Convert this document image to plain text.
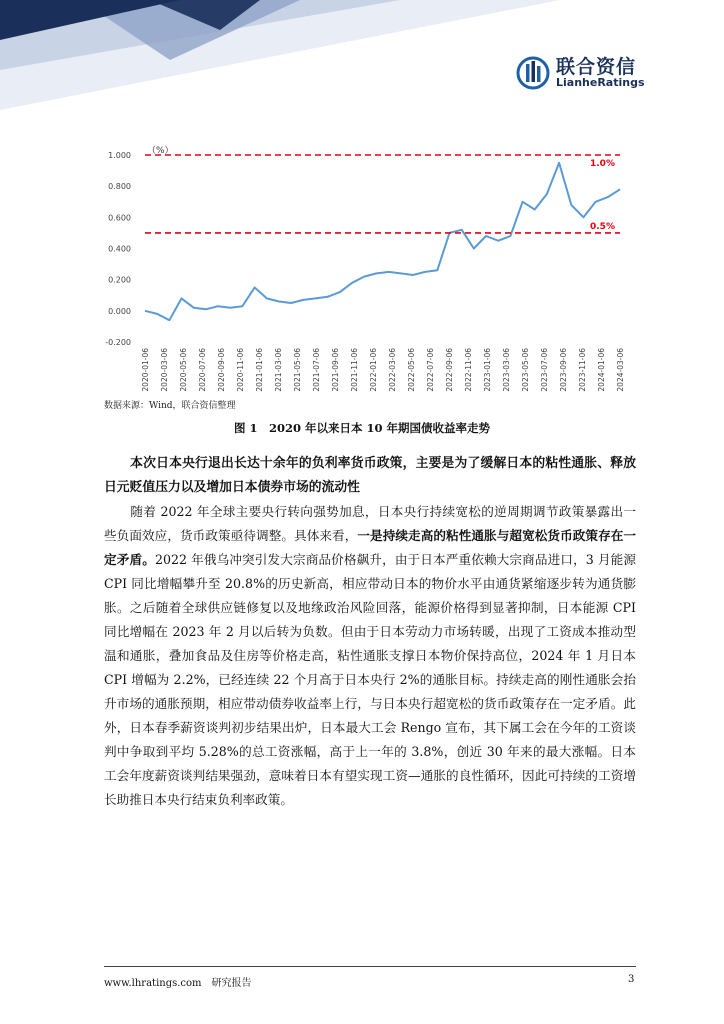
联合资信
LianheRatings
（%）
1.000
0.800
0.600
0.400
0.200
0.000
-0.200
2020-01-06 2020-03-06 2020-05-06 2020-07-06 2020-09-06 2020-11-06 2021-01-06 2021-03-06 2021-05-06 2021-07-06 2021-09-06 2021-11-06 2022-01-06 2022-03-06 2022-05-06 2022-07-06 2022-09-06 2022-11-06 2023-01-06 2023-03-06 2023-05-06 2023-07-06 2023-09-06 2023-11-06 2024-01-06 2024-03-06
1.0%
0.5%
数据来源：Wind，联合资信整理
图 1　2020 年以来日本 10 年期国债收益率走势
本次日本央行退出长达十余年的负利率货币政策，主要是为了缓解日本的粘性通胀、释放日元贬值压力以及增加日本债券市场的流动性
随着 2022 年全球主要央行转向强势加息，日本央行持续宽松的逆周期调节政策暴露出一些负面效应，货币政策亟待调整。具体来看，一是持续走高的粘性通胀与超宽松货币政策存在一定矛盾。2022 年俄乌冲突引发大宗商品价格飙升，由于日本严重依赖大宗商品进口，3 月能源 CPI 同比增幅攀升至 20.8%的历史新高，相应带动日本的物价水平由通货紧缩逐步转为通货膨胀。之后随着全球供应链修复以及地缘政治风险回落，能源价格得到显著抑制，日本能源 CPI 同比增幅在 2023 年 2 月以后转为负数。但由于日本劳动力市场转暖，出现了工资成本推动型温和通胀，叠加食品及住房等价格走高，粘性通胀支撑日本物价保持高位，2024 年 1 月日本 CPI 增幅为 2.2%，已经连续 22 个月高于日本央行 2%的通胀目标。持续走高的刚性通胀会抬升市场的通胀预期，相应带动债券收益率上行，与日本央行超宽松的货币政策存在一定矛盾。此外，日本春季薪资谈判初步结果出炉，日本最大工会 Rengo 宣布，其下属工会在今年的工资谈判中争取到平均 5.28%的总工资涨幅，高于上一年的 3.8%，创近 30 年来的最大涨幅。日本工会年度薪资谈判结果强劲，意味着日本有望实现工资—通胀的良性循环，因此可持续的工资增长助推日本央行结束负利率政策。
www.lhratings.com　研究报告	3
